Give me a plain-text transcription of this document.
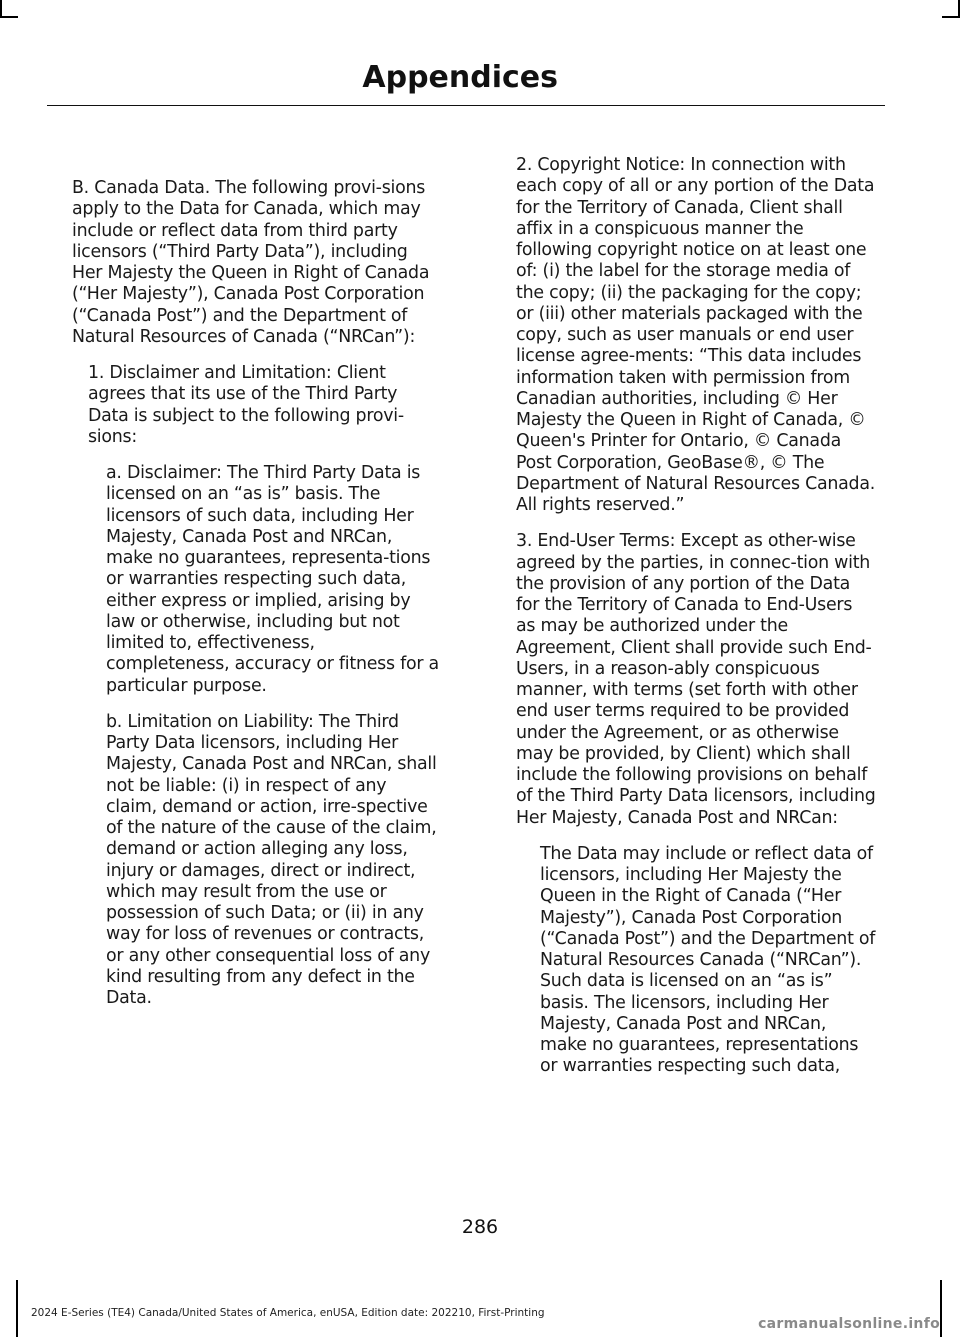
Appendices

B. Canada Data. The following provi-sions apply to the Data for Canada, which may include or reflect data from third party licensors (“Third Party Data”), including Her Majesty the Queen in Right of Canada (“Her Majesty”), Canada Post Corporation (“Canada Post”) and the Department of Natural Resources of Canada (“NRCan”):

1. Disclaimer and Limitation: Client agrees that its use of the Third Party Data is subject to the following provi-sions:

a. Disclaimer: The Third Party Data is licensed on an “as is” basis. The licensors of such data, including Her Majesty, Canada Post and NRCan, make no guarantees, representa-tions or warranties respecting such data, either express or implied, arising by law or otherwise, including but not limited to, effectiveness, completeness, accuracy or fitness for a particular purpose.

b. Limitation on Liability: The Third Party Data licensors, including Her Majesty, Canada Post and NRCan, shall not be liable: (i) in respect of any claim, demand or action, irre-spective of the nature of the cause of the claim, demand or action alleging any loss, injury or damages, direct or indirect, which may result from the use or possession of such Data; or (ii) in any way for loss of revenues or contracts, or any other consequential loss of any kind resulting from any defect in the Data.

2. Copyright Notice: In connection with each copy of all or any portion of the Data for the Territory of Canada, Client shall affix in a conspicuous manner the following copyright notice on at least one of: (i) the label for the storage media of the copy; (ii) the packaging for the copy; or (iii) other materials packaged with the copy, such as user manuals or end user license agree-ments: “This data includes information taken with permission from Canadian authorities, including © Her Majesty the Queen in Right of Canada, © Queen's Printer for Ontario, © Canada Post Corporation, GeoBase®, © The Department of Natural Resources Canada. All rights reserved.”

3. End-User Terms: Except as other-wise agreed by the parties, in connec-tion with the provision of any portion of the Data for the Territory of Canada to End-Users as may be authorized under the Agreement, Client shall provide such End-Users, in a reason-ably conspicuous manner, with terms (set forth with other end user terms required to be provided under the Agreement, or as otherwise may be provided, by Client) which shall include the following provisions on behalf of the Third Party Data licensors, including Her Majesty, Canada Post and NRCan:

The Data may include or reflect data of licensors, including Her Majesty the Queen in the Right of Canada (“Her Majesty”), Canada Post Corporation (“Canada Post”) and the Department of Natural Resources Canada (“NRCan”). Such data is licensed on an “as is” basis. The licensors, including Her Majesty, Canada Post and NRCan, make no guarantees, representations or warranties respecting such data,

286
2024 E-Series (TE4) Canada/United States of America, enUSA, Edition date: 202210, First-Printing
carmanualsonline.info
